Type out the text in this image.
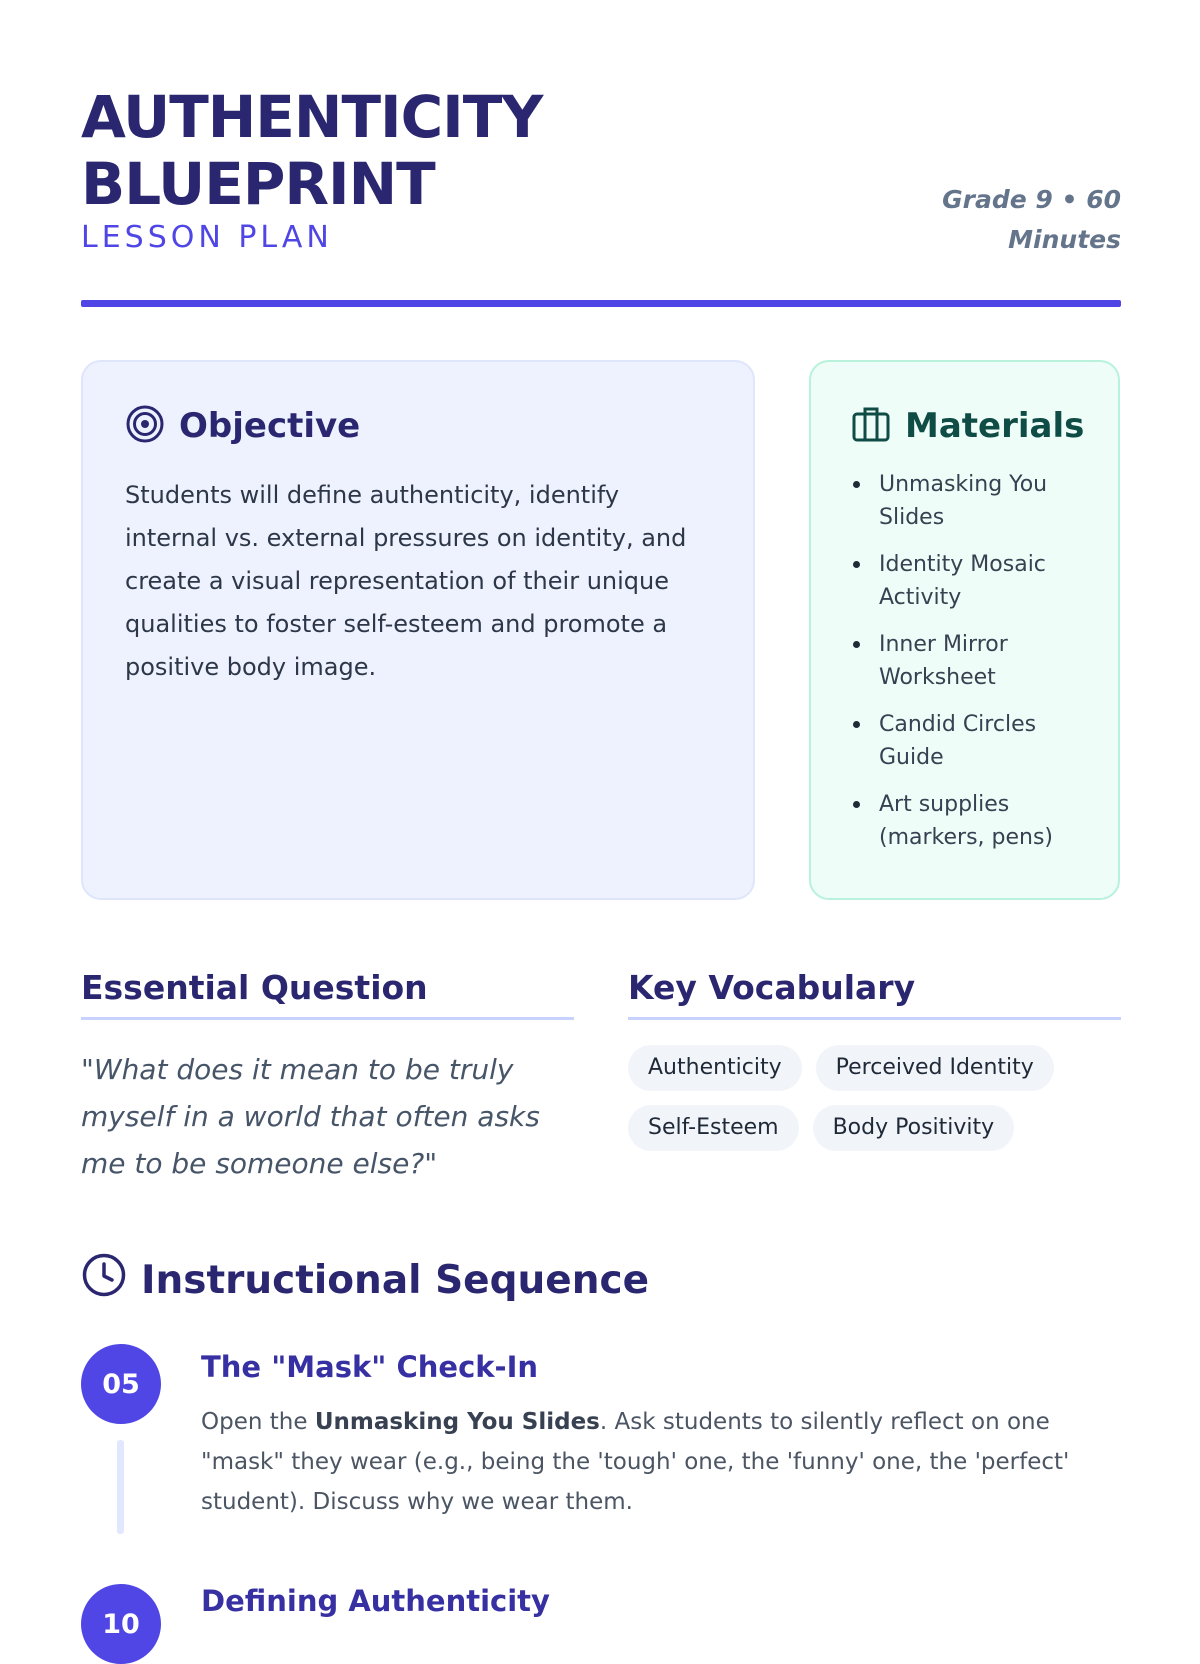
AUTHENTICITY
BLUEPRINT
LESSON PLAN
Grade 9 • 60
Minutes
Objective

Students will define authenticity, identify internal vs. external pressures on identity, and create a visual representation of their unique qualities to foster self-esteem and promote a positive body image.

Materials
Unmasking You Slides
Identity Mosaic Activity
Inner Mirror Worksheet
Candid Circles Guide
Art supplies (markers, pens)
Essential Question
"What does it mean to be truly myself in a world that often asks me to be someone else?"
Key Vocabulary
Authenticity	Perceived Identity
Self-Esteem	Body Positivity
Instructional Sequence
05	The "Mask" Check-In
Open the Unmasking You Slides. Ask students to silently reflect on one "mask" they wear (e.g., being the 'tough' one, the 'funny' one, the 'perfect' student). Discuss why we wear them.
10
Defining Authenticity
